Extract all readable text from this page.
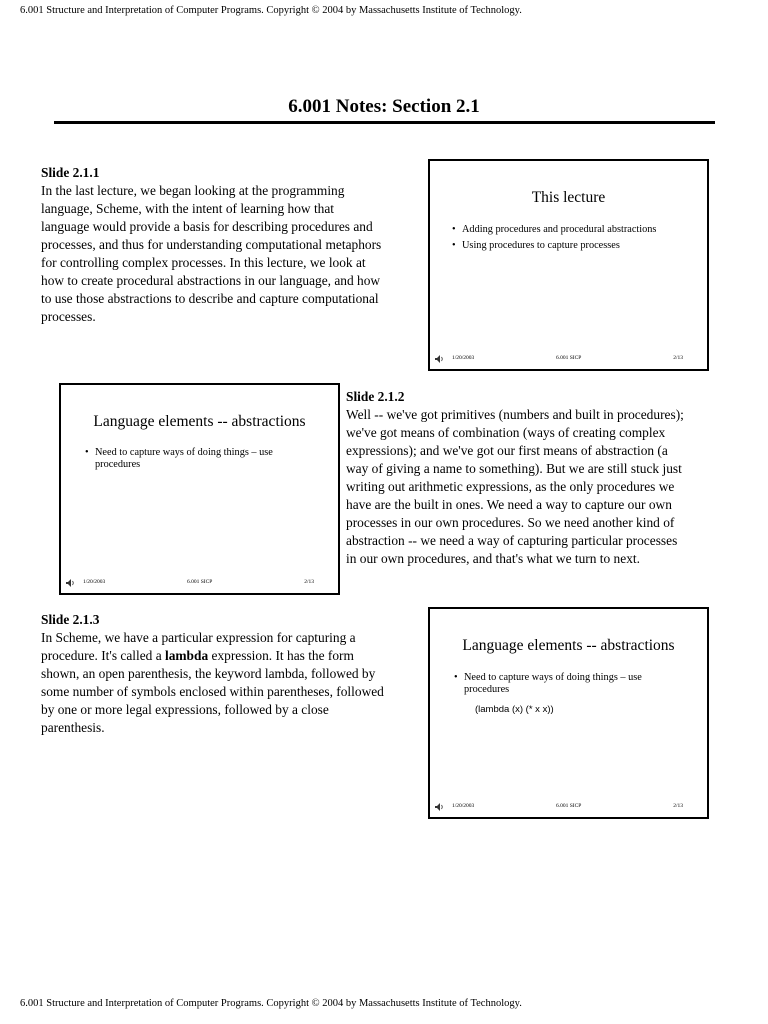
6.001 Structure and Interpretation of Computer Programs. Copyright © 2004 by Massachusetts Institute of Technology.
6.001 Notes: Section 2.1
Slide 2.1.1
In the last lecture, we began looking at the programming
language, Scheme, with the intent of learning how that
language would provide a basis for describing procedures and
processes, and thus for understanding computational metaphors
for controlling complex processes. In this lecture, we look at
how to create procedural abstractions in our language, and how
to use those abstractions to describe and capture computational
processes.
This lecture
• Adding procedures and procedural abstractions
• Using procedures to capture processes
1/20/2003	6.001 SICP	2/13
Language elements -- abstractions
• Need to capture ways of doing things – use procedures
1/20/2003	6.001 SICP	2/13
Slide 2.1.2
Well -- we've got primitives (numbers and built in procedures);
we've got means of combination (ways of creating complex
expressions); and we've got our first means of abstraction (a
way of giving a name to something). But we are still stuck just
writing out arithmetic expressions, as the only procedures we
have are the built in ones. We need a way to capture our own
processes in our own procedures. So we need another kind of
abstraction -- we need a way of capturing particular processes
in our own procedures, and that's what we turn to next.
Slide 2.1.3
In Scheme, we have a particular expression for capturing a
procedure. It's called a lambda expression. It has the form
shown, an open parenthesis, the keyword lambda, followed by
some number of symbols enclosed within parentheses, followed
by one or more legal expressions, followed by a close
parenthesis.
Language elements -- abstractions
• Need to capture ways of doing things – use procedures
(lambda (x) (* x x))
1/20/2003	6.001 SICP	2/13
6.001 Structure and Interpretation of Computer Programs. Copyright © 2004 by Massachusetts Institute of Technology.
